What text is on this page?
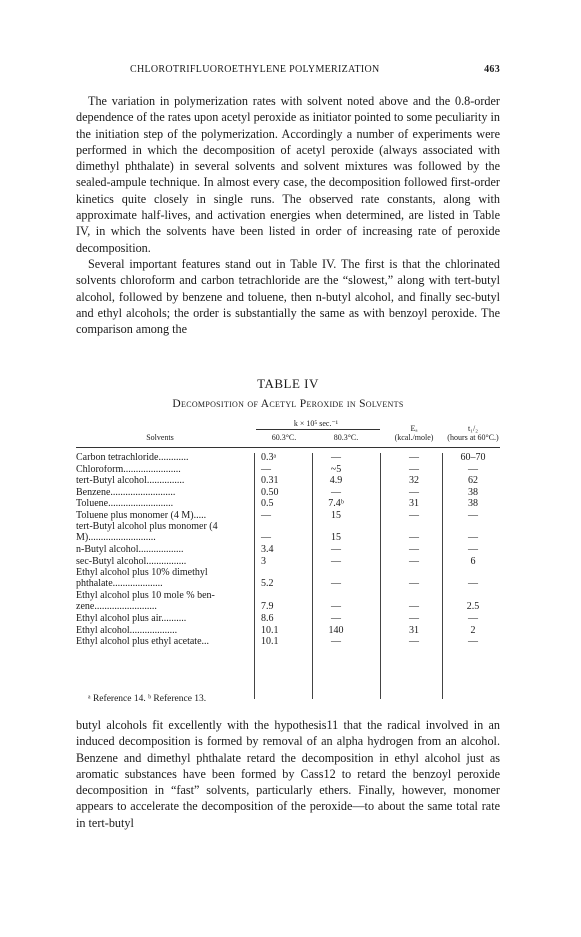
CHLOROTRIFLUOROETHYLENE POLYMERIZATION	463

The variation in polymerization rates with solvent noted above and the 0.8-order dependence of the rates upon acetyl peroxide as initiator pointed to some peculiarity in the initiation step of the polymerization. Accordingly a number of experiments were performed in which the decomposition of acetyl peroxide (always associated with dimethyl phthalate) in several solvents and solvent mixtures was followed by the sealed-ampule technique. In almost every case, the decomposition followed first-order kinetics quite closely in single runs. The observed rate constants, along with approximate half-lives, and activation energies when determined, are listed in Table IV, in which the solvents have been listed in order of increasing rate of peroxide decomposition.

Several important features stand out in Table IV. The first is that the chlorinated solvents chloroform and carbon tetrachloride are the “slowest,” along with tert-butyl alcohol, followed by benzene and toluene, then n-butyl alcohol, and finally sec-butyl and ethyl alcohols; the order is substantially the same as with benzoyl peroxide. The comparison among the

TABLE IV
Decomposition of Acetyl Peroxide in Solvents
k × 10⁵ sec.⁻¹
Solvents	60.3°C.	80.3°C.
Eₐ
(kcal./mole)
t₁/₂
(hours at 60°C.)
Carbon tetrachloride............	0.3ᵃ	—	—	60–70
Chloroform.......................	—	~5	—	—
tert-Butyl alcohol...............	0.31	4.9	32	62
Benzene..........................	0.50	—	—	38
Toluene..........................	0.5	7.4ᵇ	31	38
Toluene plus monomer (4 M).....	—	15	—	—
tert-Butyl alcohol plus monomer (4
M)...........................	—	15	—	—
n-Butyl alcohol..................	3.4	—	—	—
sec-Butyl alcohol................	3	—	—	6
Ethyl alcohol plus 10% dimethyl
phthalate....................	5.2	—	—	—
Ethyl alcohol plus 10 mole % ben-
zene.........................	7.9	—	—	2.5
Ethyl alcohol plus air..........	8.6	—	—	—
Ethyl alcohol...................	10.1	140	31	2
Ethyl alcohol plus ethyl acetate...	10.1	—	—	—
ᵃ Reference 14. ᵇ Reference 13.

butyl alcohols fit excellently with the hypothesis11 that the radical involved in an induced decomposition is formed by removal of an alpha hydrogen from an alcohol. Benzene and dimethyl phthalate retard the decomposition in ethyl alcohol just as aromatic substances have been formed by Cass12 to retard the benzoyl peroxide decomposition in “fast” solvents, particularly ethers. Finally, however, monomer appears to accelerate the decomposition of the peroxide—to about the same total rate in tert-butyl
